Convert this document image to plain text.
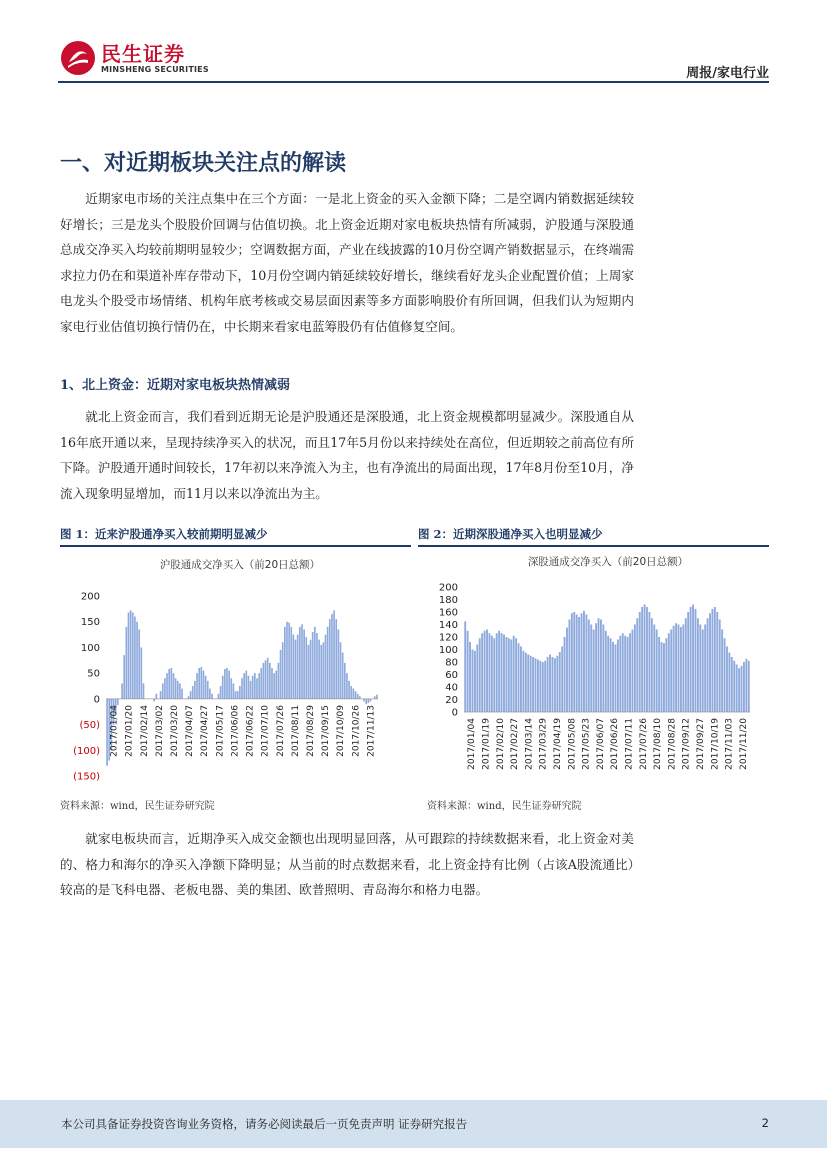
民生证券
MINSHENG SECURITIES	周报/家电行业
一、对近期板块关注点的解读
近期家电市场的关注点集中在三个方面：一是北上资金的买入金额下降；二是空调内销数据延续较好增长；三是龙头个股股价回调与估值切换。北上资金近期对家电板块热情有所减弱，沪股通与深股通总成交净买入均较前期明显较少；空调数据方面，产业在线披露的10月份空调产销数据显示，在终端需求拉力仍在和渠道补库存带动下，10月份空调内销延续较好增长，继续看好龙头企业配置价值；上周家电龙头个股受市场情绪、机构年底考核或交易层面因素等多方面影响股价有所回调，但我们认为短期内家电行业估值切换行情仍在，中长期来看家电蓝筹股仍有估值修复空间。
1、北上资金：近期对家电板块热情减弱
就北上资金而言，我们看到近期无论是沪股通还是深股通，北上资金规模都明显减少。深股通自从16年底开通以来，呈现持续净买入的状况，而且17年5月份以来持续处在高位，但近期较之前高位有所下降。沪股通开通时间较长，17年初以来净流入为主，也有净流出的局面出现，17年8月份至10月，净流入现象明显增加，而11月以来以净流出为主。
图 1：近来沪股通净买入较前期明显减少
沪股通成交净买入（前20日总额）
200
150
100
50
0
(50)
(100)
(150)
2017/01/04 2017/01/20 2017/02/14 2017/03/02 2017/03/20 2017/04/07 2017/04/27 2017/05/17 2017/06/06 2017/06/22 2017/07/10 2017/07/26 2017/08/11 2017/08/29 2017/09/15 2017/10/09 2017/10/26 2017/11/13
资料来源：wind，民生证券研究院
图 2：近期深股通净买入也明显减少
深股通成交净买入（前20日总额）
200
180
160
140
120
100
80
60
40
20
0
2017/01/04 2017/01/19 2017/02/10 2017/02/27 2017/03/14 2017/03/29 2017/04/19 2017/05/08 2017/05/23 2017/06/07 2017/06/26 2017/07/11 2017/07/26 2017/08/10 2017/08/28 2017/09/12 2017/09/27 2017/10/19 2017/11/03 2017/11/20
资料来源：wind，民生证券研究院
就家电板块而言，近期净买入成交金额也出现明显回落，从可跟踪的持续数据来看，北上资金对美的、格力和海尔的净买入净额下降明显；从当前的时点数据来看，北上资金持有比例（占该A股流通比）较高的是飞科电器、老板电器、美的集团、欧普照明、青岛海尔和格力电器。
本公司具备证券投资咨询业务资格，请务必阅读最后一页免责声明 证券研究报告	2
